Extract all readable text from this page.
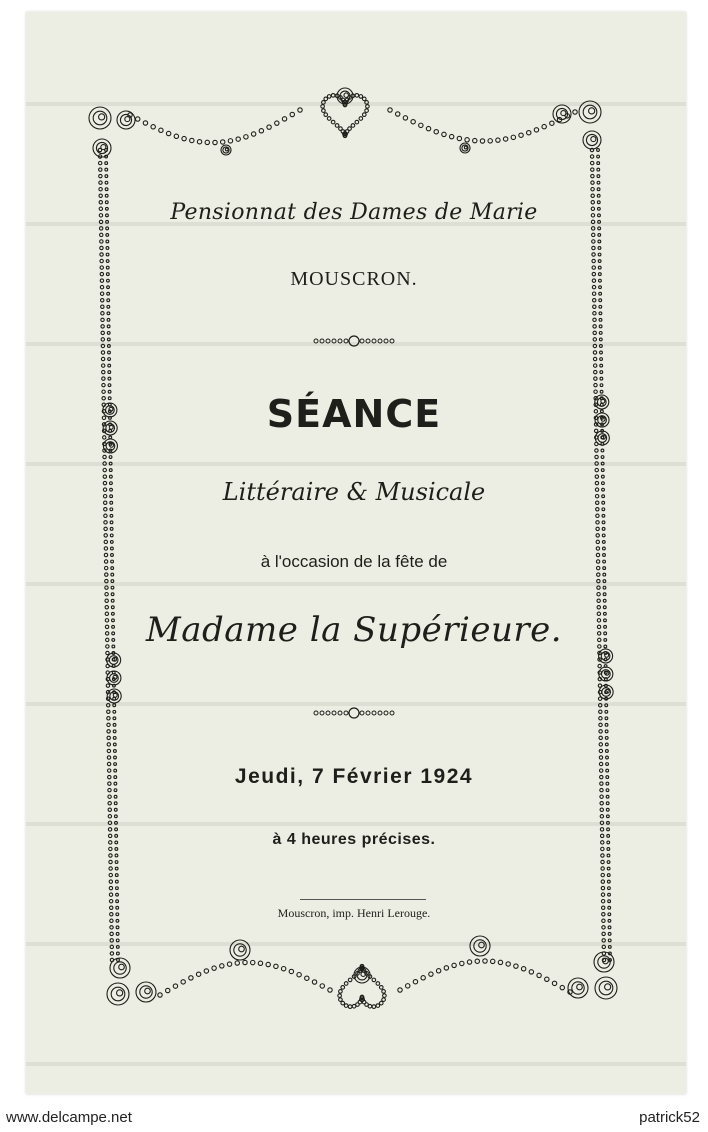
Pensionnat des Dames de Marie

MOUSCRON.

SÉANCE

Littéraire & Musicale

à l'occasion de la fête de

Madame la Supérieure.

Jeudi, 7 Février 1924

à 4 heures précises.

Mouscron, imp. Henri Lerouge.

www.delcampe.net	patrick52
